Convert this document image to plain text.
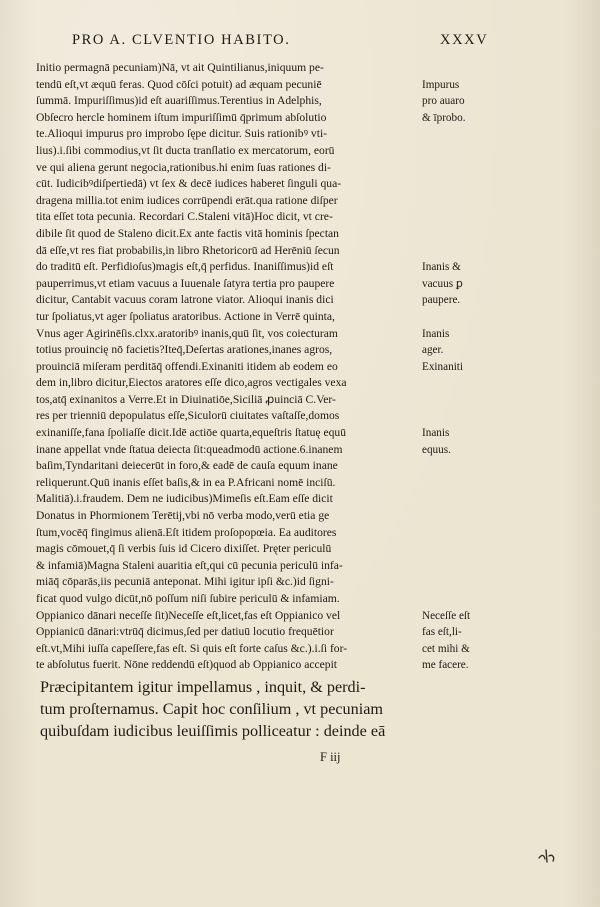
PRO A. CLVENTIO HABITO.	XXXV
Initio permagnā pecuniam)Nā, vt ait Quintilianus,iniquum pe-
tendū eſt,vt æquū feras. Quod cōſci potuit) ad æquam pecuniē	Impurus
ſummā. Impuriſſimus)id eſt auariſſimus.Terentius in Adelphis,	pro auaro
Obſecro hercle hominem iſtum impuriſſimū q̄primum abſolutio	& īprobo.
te.Alioqui impurus pro improbo ſępe dicitur. Suis rationibꝰ vti-
lius).i.ſibi commodius,vt ſit ducta tranſlatio ex mercatorum, eorū
ve qui aliena gerunt negocia,rationibus.hi enim ſuas rationes di-
cūt. Iudicibꝰdiſpertiedā) vt ſex & decē iudices haberet ſinguli qua-
dragena millia.tot enim iudices corrūpendi erāt.qua ratione diſper
tita eſſet tota pecunia. Recordari C.Staleni vitā)Hoc dicit, vt cre-
dibile ſit quod de Staleno dicit.Ex ante factis vitā hominis ſpectan
dā eſſe,vt res fiat probabilis,in libro Rhetoricorū ad Herēniū ſecun
do traditū eſt. Perfidioſus)magis eſt,q̄ perfidus. Inaniſſimus)id eſt	Inanis &
pauperrimus,vt etiam vacuus a Iuuenale ſatyra tertia pro paupere	vacuus ꝑ
dicitur, Cantabit vacuus coram latrone viator. Alioqui inanis dici	paupere.
tur ſpoliatus,vt ager ſpoliatus aratoribus. Actione in Verrē quinta,
Vnus ager Agirinēſis.clxx.aratoribꝰ inanis,quū ſit, vos coiecturam	Inanis
totius prouincię nō facietis?Iteq̄,Deſertas arationes,inanes agros,	ager.
prouinciā miſeram perditāq̄ offendi.Exinaniti itidem ab eodem eo	Exinaniti
dem in,libro dicitur,Eiectos aratores eſſe dico,agros vectigales vexa
tos,atq̄ exinanitos a Verre.Et in Diuinatiōe,Siciliā ꝓuinciā C.Ver-
res per trienniū depopulatus eſſe,Siculorū ciuitates vaſtaſſe,domos
exinaniſſe,fana ſpoliaſſe dicit.Idē actiōe quarta,equeſtris ſtatuę equū	Inanis
inane appellat vnde ſtatua deiecta ſit:queadmodū actione.6.inanem	equus.
baſim,Tyndaritani deiecerūt in foro,& eadē de cauſa equum inane
reliquerunt.Quū inanis eſſet baſis,& in ea P.Africani nomē inciſū.
Malitiā).i.fraudem. Dem ne iudicibus)Mimeſis eſt.Eam eſſe dicit
Donatus in Phormionem Terētij,vbi nō verba modo,verū etia ge
ſtum,vocēq̄ fingimus alienā.Eſt itidem proſopopœia. Ea auditores
magis cōmouet,q̄ ſi verbis ſuis id Cicero dixiſſet. Pręter periculū
& infamiā)Magna Staleni auaritia eſt,qui cū pecunia periculū infa-
miāq̄ cōparās,iis pecuniā anteponat. Mihi igitur ipſi &c.)id ſigni-
ficat quod vulgo dicūt,nō poſſum niſi ſubire periculū & infamiam.
Oppianico dānari neceſſe ſit)Neceſſe eſt,licet,fas eſt Oppianico vel	Neceſſe eſt
Oppianicū dānari:vtrūq̄ dicimus,ſed per datiuū locutio frequētior	fas eſt,li-
eſt.vt,Mihi iuſſa capeſſere,fas eſt. Si quis eſt forte caſus &c.).i.ſi for-	cet mihi &
te abſolutus fuerit. Nōne reddendū eſt)quod ab Oppianico accepit	me facere.
Præcipitantem igitur impellamus , inquit, & perdi-
tum proſternamus. Capit hoc conſilium , vt pecuniam
quibuſdam iudicibus leuiſſimis polliceatur : deinde eā
F iij
